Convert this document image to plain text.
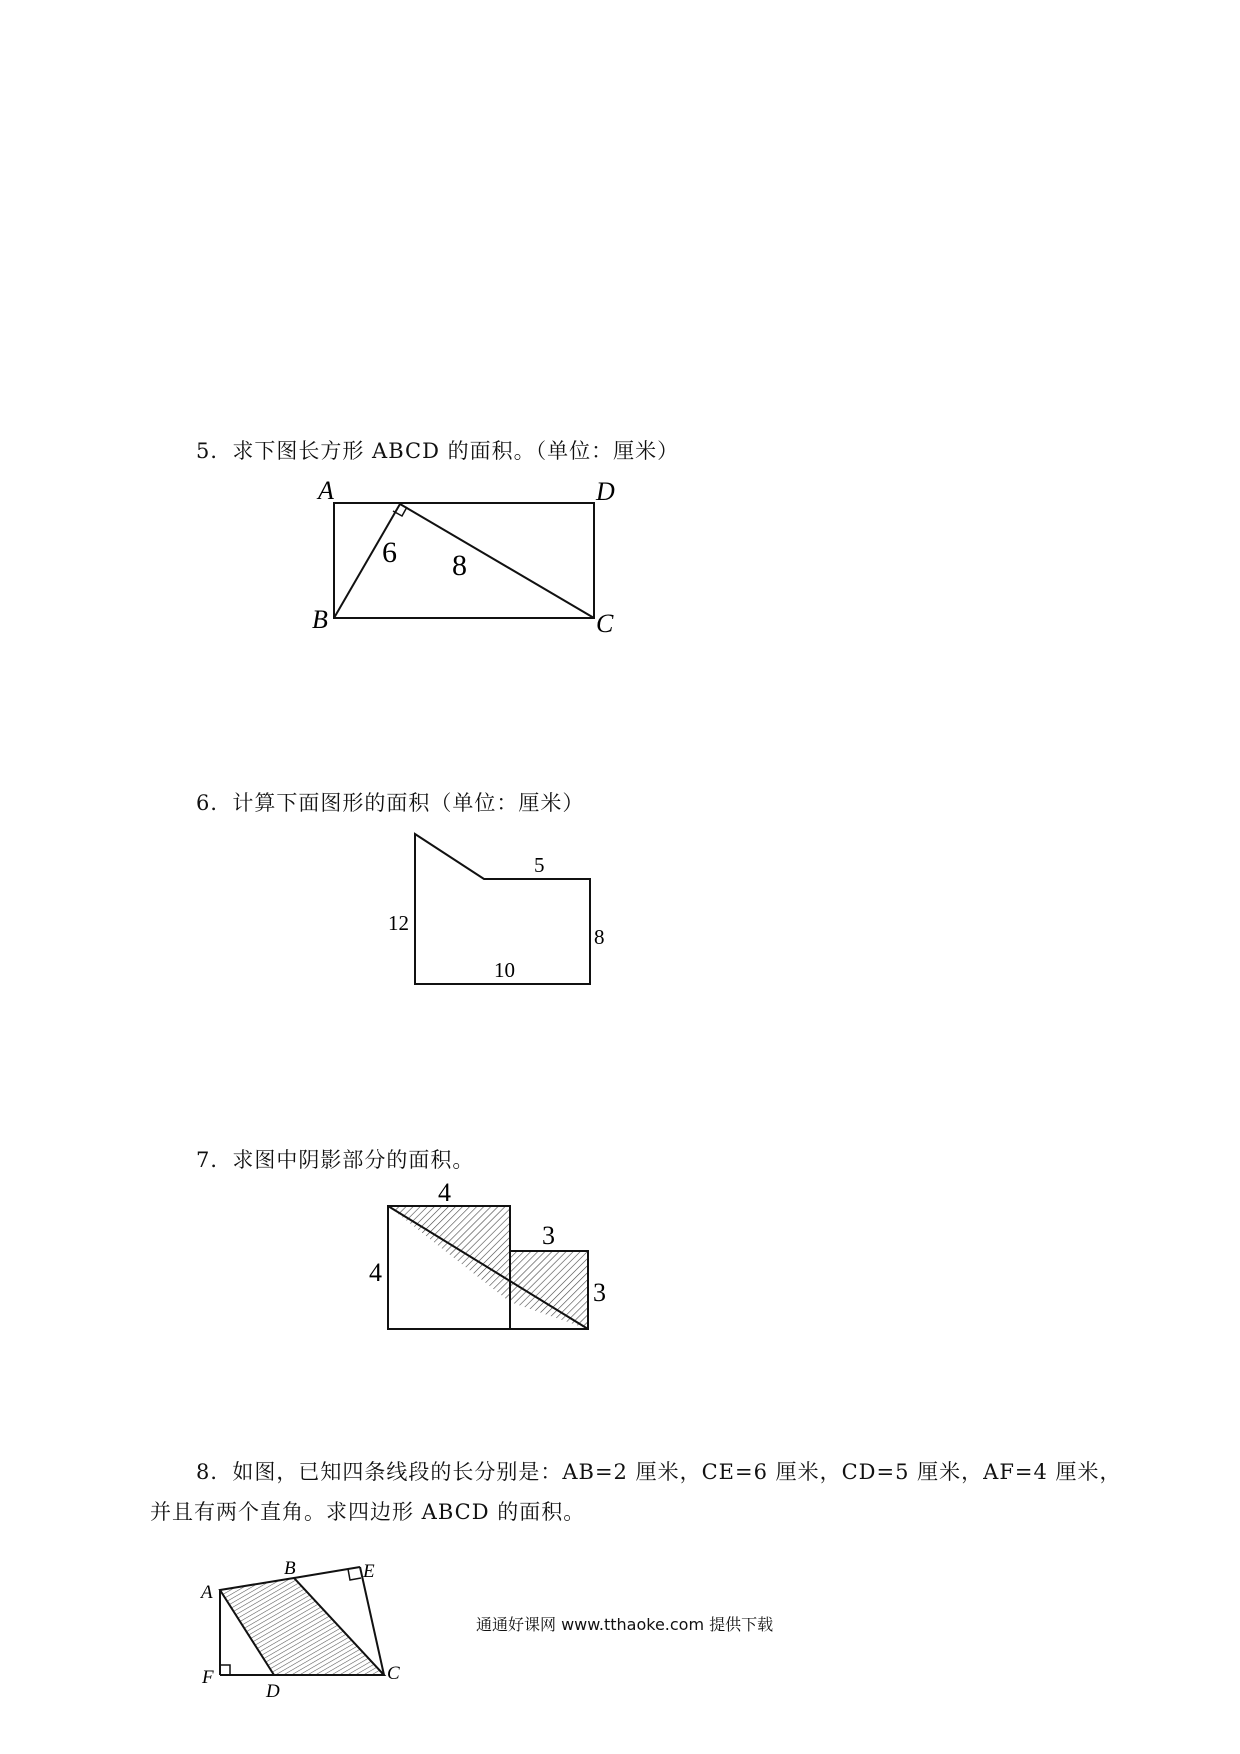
5．求下图长方形 ABCD 的面积。（单位：厘米）
A	D
B	C
6 8
6．计算下面图形的面积（单位：厘米）
5
12
8
10
7．求图中阴影部分的面积。
4
4
3
3
8．如图，已知四条线段的长分别是：AB=2 厘米，CE=6 厘米，CD=5 厘米，AF=4 厘米，
并且有两个直角。求四边形 ABCD 的面积。
A
B	E
C
D
F
通通好课网 www.tthaoke.com 提供下载
